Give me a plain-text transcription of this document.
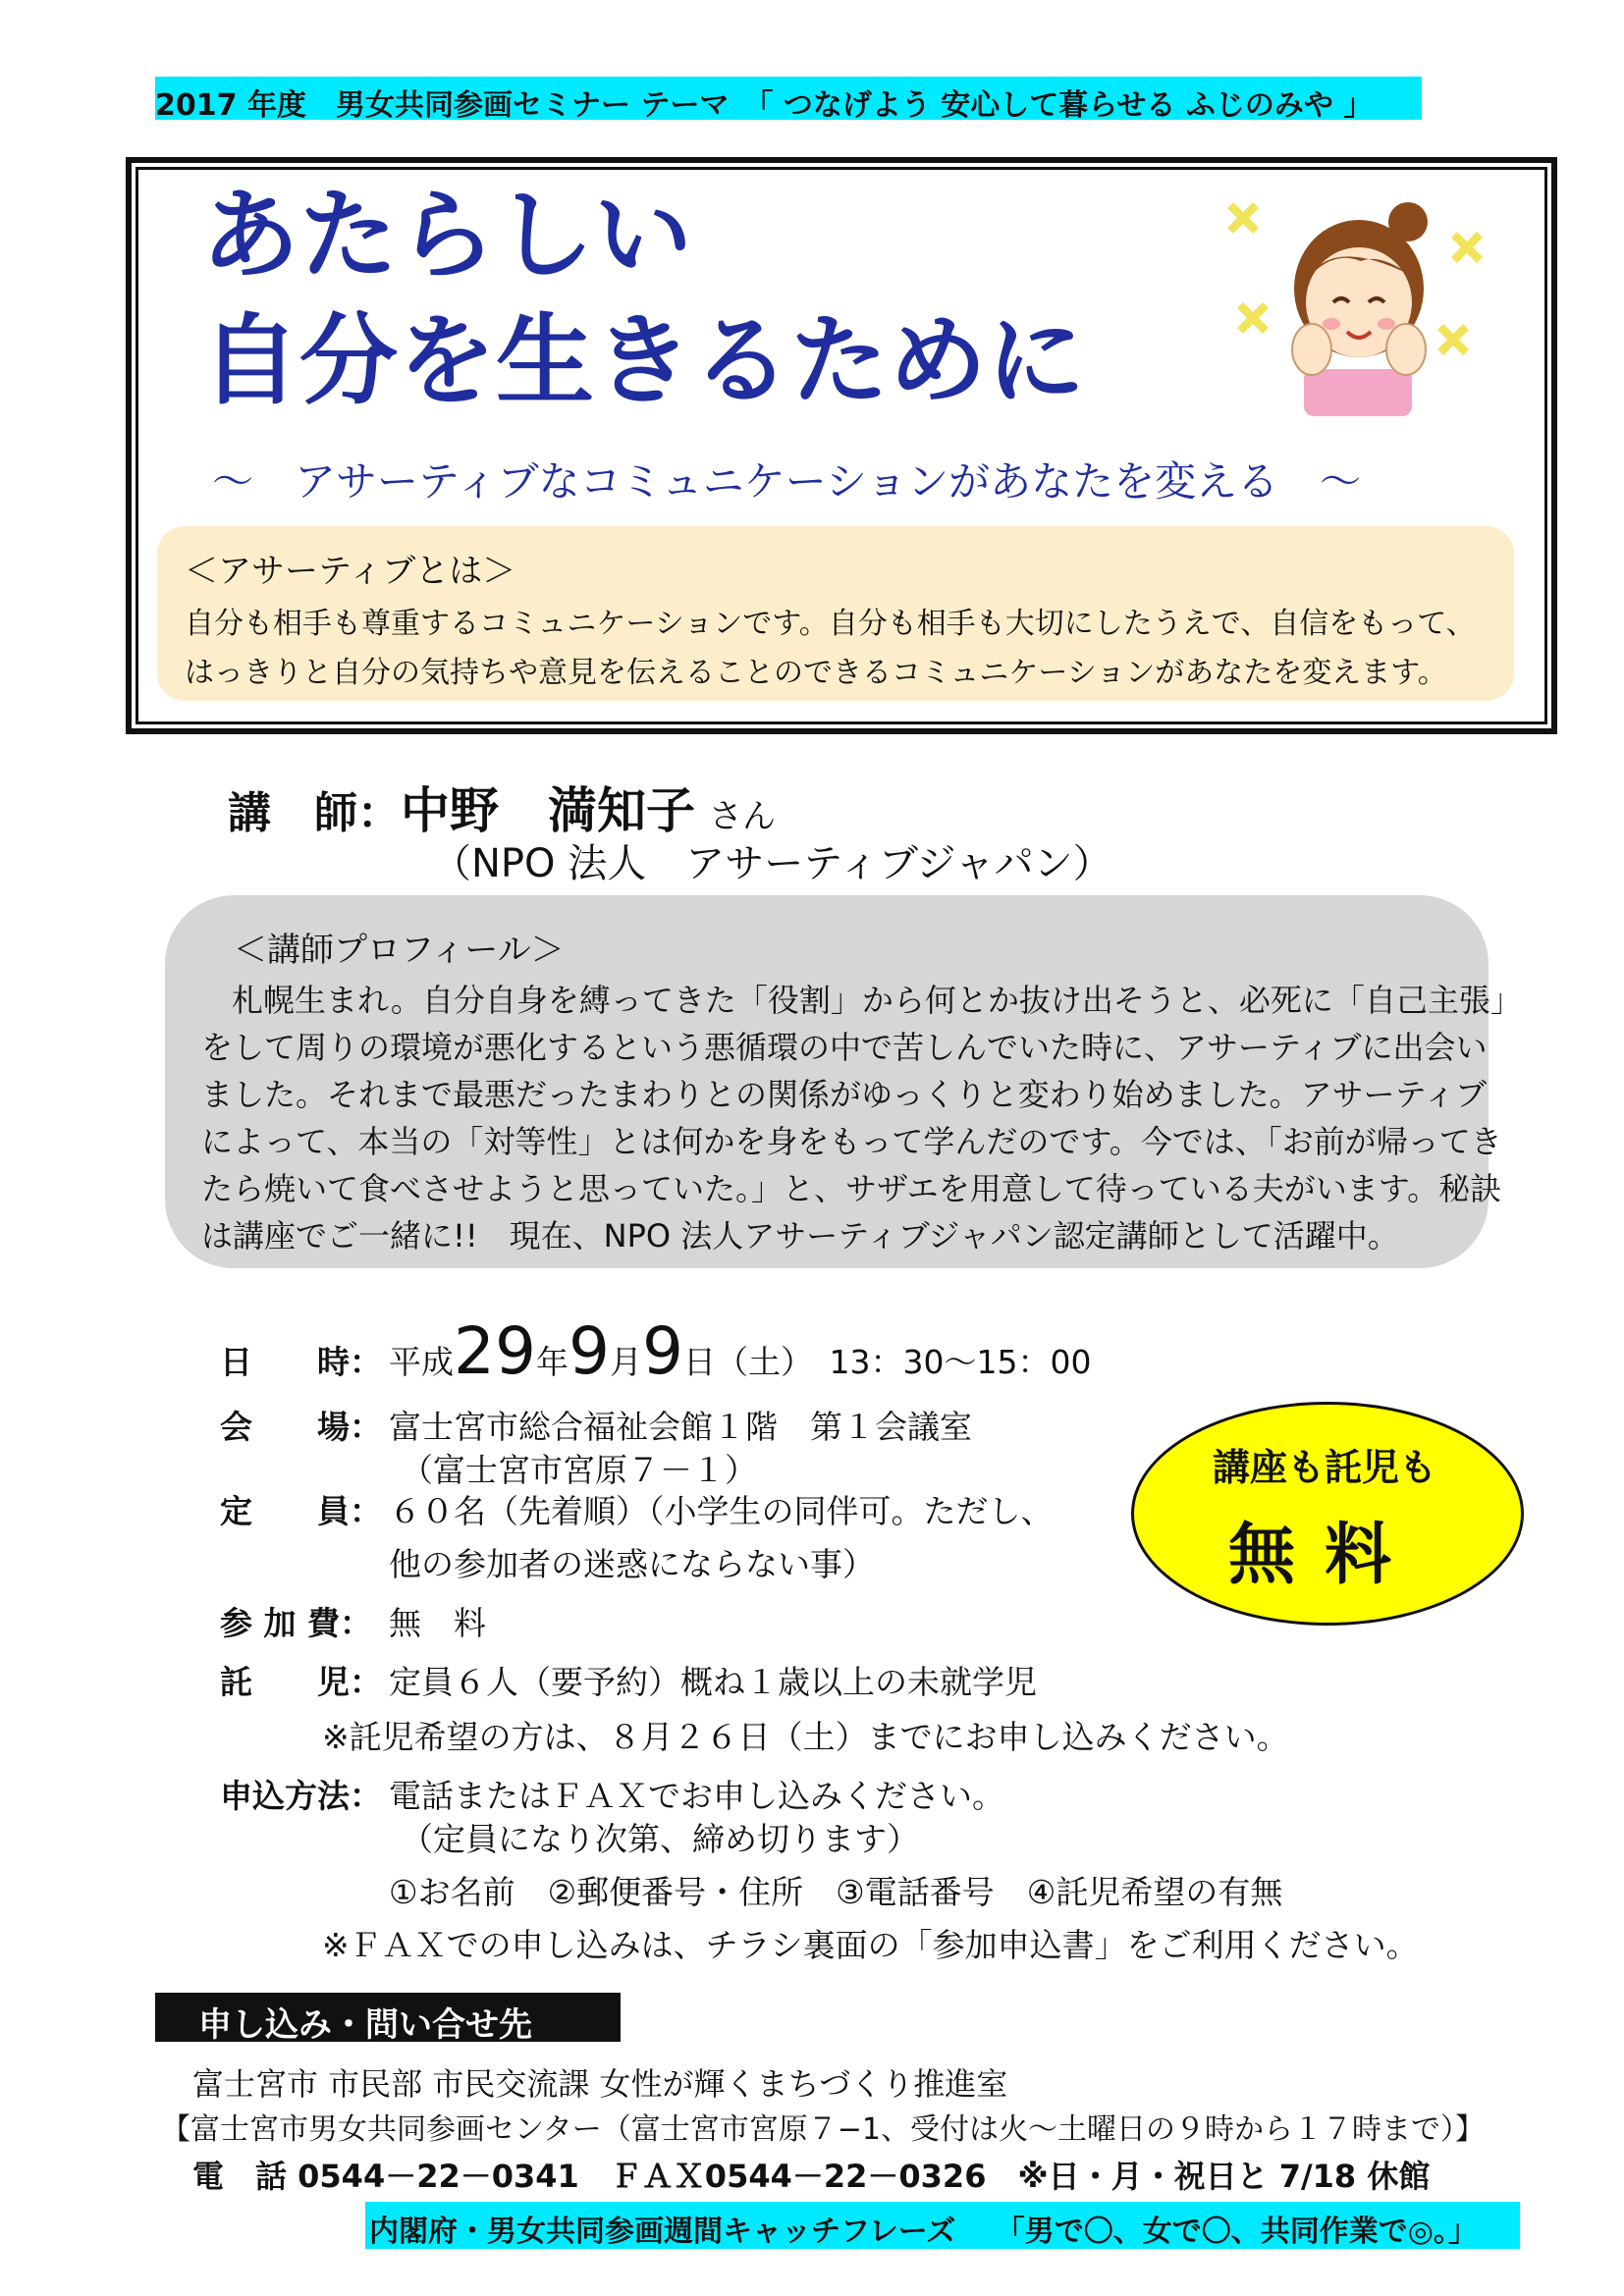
2017 年度　男女共同参画セミナー テーマ　「 つなげよう 安心して暮らせる ふじのみや 」
あたらしい
自分を生きるために
～　アサーティブなコミュニケーションがあなたを変える　～
＜アサーティブとは＞
自分も相手も尊重するコミュニケーションです。自分も相手も大切にしたうえで、自信をもって、
はっきりと自分の気持ちや意見を伝えることのできるコミュニケーションがあなたを変えます。
講　師：中野　満知子 さん
（NPO 法人　アサーティブジャパン）
＜講師プロフィール＞
札幌生まれ。自分自身を縛ってきた「役割」から何とか抜け出そうと、必死に「自己主張」
をして周りの環境が悪化するという悪循環の中で苦しんでいた時に、アサーティブに出会い
ました。それまで最悪だったまわりとの関係がゆっくりと変わり始めました。アサーティブ
によって、本当の「対等性」とは何かを身をもって学んだのです。今では、「お前が帰ってき
たら焼いて食べさせようと思っていた。」と、サザエを用意して待っている夫がいます。秘訣
は講座でご一緒に!!　現在、NPO 法人アサーティブジャパン認定講師として活躍中。
日　　時： 平成29年9月9日（土）　13：30～15：00
会　　場： 富士宮市総合福祉会館１階　第１会議室
（富士宮市宮原７－１）
定　　員： ６０名（先着順）（小学生の同伴可。ただし、
他の参加者の迷惑にならない事）
参 加 費： 無　料
託　　児： 定員６人（要予約）概ね１歳以上の未就学児
※託児希望の方は、８月２６日（土）までにお申し込みください。
申込方法： 電話またはＦＡＸでお申し込みください。
（定員になり次第、締め切ります）
①お名前　②郵便番号・住所　③電話番号　④託児希望の有無
※ＦＡＸでの申し込みは、チラシ裏面の「参加申込書」をご利用ください。
講座も託児も
無料
申し込み・問い合せ先
富士宮市 市民部 市民交流課 女性が輝くまちづくり推進室
【富士宮市男女共同参画センター（富士宮市宮原７−1、受付は火～土曜日の９時から１７時まで）】
電　話 0544－22－0341　ＦＡＸ0544－22－0326　※日・月・祝日と 7/18 休館
内閣府・男女共同参画週間キャッチフレーズ　 「男で〇、女で〇、共同作業で◎。」
